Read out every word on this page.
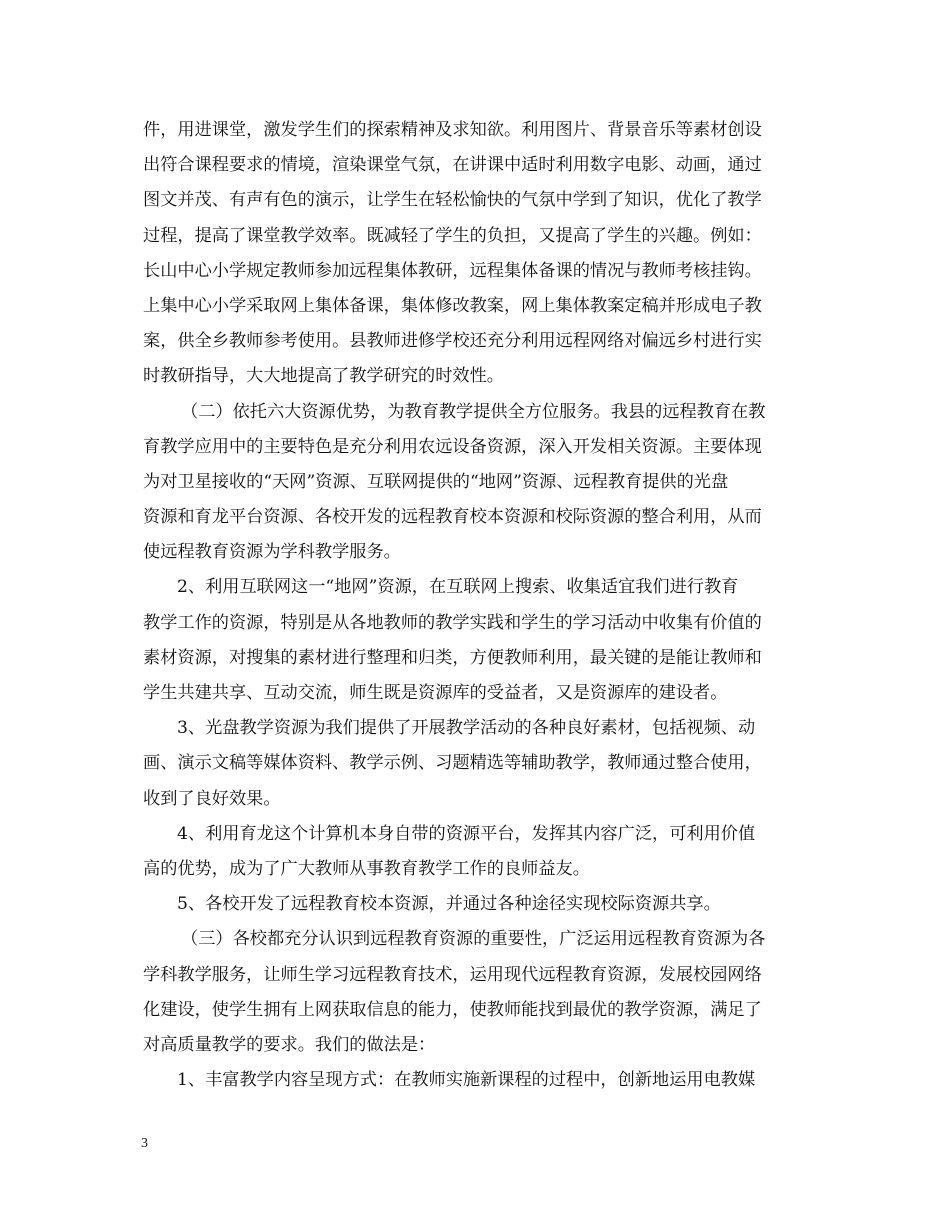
件，用进课堂，激发学生们的探索精神及求知欲。利用图片、背景音乐等素材创设
出符合课程要求的情境，渲染课堂气氛，在讲课中适时利用数字电影、动画，通过
图文并茂、有声有色的演示，让学生在轻松愉快的气氛中学到了知识，优化了教学
过程，提高了课堂教学效率。既减轻了学生的负担，又提高了学生的兴趣。例如：
长山中心小学规定教师参加远程集体教研，远程集体备课的情况与教师考核挂钩。
上集中心小学采取网上集体备课，集体修改教案，网上集体教案定稿并形成电子教
案，供全乡教师参考使用。县教师进修学校还充分利用远程网络对偏远乡村进行实
时教研指导，大大地提高了教学研究的时效性。
（二）依托六大资源优势，为教育教学提供全方位服务。我县的远程教育在教
育教学应用中的主要特色是充分利用农远设备资源，深入开发相关资源。主要体现
为对卫星接收的“天网”资源、互联网提供的“地网”资源、远程教育提供的光盘
资源和育龙平台资源、各校开发的远程教育校本资源和校际资源的整合利用，从而
使远程教育资源为学科教学服务。
2、利用互联网这一“地网”资源，在互联网上搜索、收集适宜我们进行教育
教学工作的资源，特别是从各地教师的教学实践和学生的学习活动中收集有价值的
素材资源，对搜集的素材进行整理和归类，方便教师利用，最关键的是能让教师和
学生共建共享、互动交流，师生既是资源库的受益者，又是资源库的建设者。
3、光盘教学资源为我们提供了开展教学活动的各种良好素材，包括视频、动
画、演示文稿等媒体资料、教学示例、习题精选等辅助教学，教师通过整合使用，
收到了良好效果。
4、利用育龙这个计算机本身自带的资源平台，发挥其内容广泛，可利用价值
高的优势，成为了广大教师从事教育教学工作的良师益友。
5、各校开发了远程教育校本资源，并通过各种途径实现校际资源共享。
（三）各校都充分认识到远程教育资源的重要性，广泛运用远程教育资源为各
学科教学服务，让师生学习远程教育技术，运用现代远程教育资源，发展校园网络
化建设，使学生拥有上网获取信息的能力，使教师能找到最优的教学资源，满足了
对高质量教学的要求。我们的做法是：
1、丰富教学内容呈现方式：在教师实施新课程的过程中，创新地运用电教媒
3
